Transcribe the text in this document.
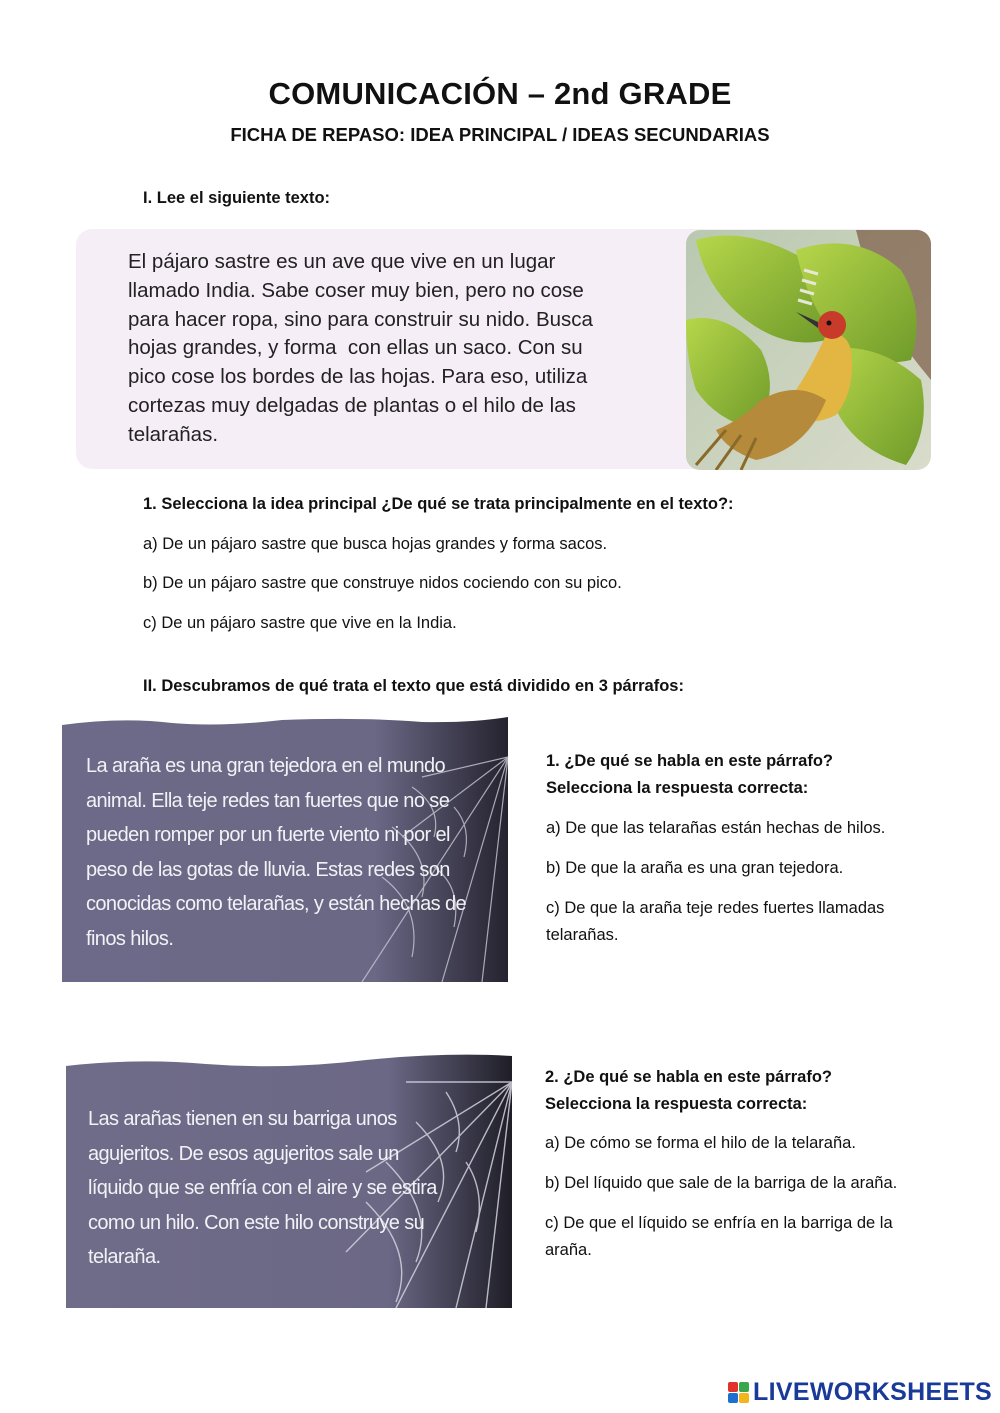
COMUNICACIÓN – 2nd GRADE
FICHA DE REPASO: IDEA PRINCIPAL / IDEAS SECUNDARIAS
I. Lee el siguiente texto:
El pájaro sastre es un ave que vive en un lugar
llamado India. Sabe coser muy bien, pero no cose
para hacer ropa, sino para construir su nido. Busca
hojas grandes, y forma  con ellas un saco. Con su
pico cose los bordes de las hojas. Para eso, utiliza
cortezas muy delgadas de plantas o el hilo de las
telarañas.
1. Selecciona la idea principal ¿De qué se trata principalmente en el texto?:
a) De un pájaro sastre que busca hojas grandes y forma sacos.
b) De un pájaro sastre que construye nidos cociendo con su pico.
c) De un pájaro sastre que vive en la India.
II. Descubramos de qué trata el texto que está dividido en 3 párrafos:
La araña es una gran tejedora en el mundo
animal. Ella teje redes tan fuertes que no se
pueden romper por un fuerte viento ni por el
peso de las gotas de lluvia. Estas redes son
conocidas como telarañas, y están hechas de
finos hilos.
1. ¿De qué se habla en este párrafo?
Selecciona la respuesta correcta:
a) De que las telarañas están hechas de hilos.
b) De que la araña es una gran tejedora.
c) De que la araña teje redes fuertes llamadas
telarañas.
Las arañas tienen en su barriga unos
agujeritos. De esos agujeritos sale un
líquido que se enfría con el aire y se estira
como un hilo. Con este hilo construye su
telaraña.
2. ¿De qué se habla en este párrafo?
Selecciona la respuesta correcta:
a) De cómo se forma el hilo de la telaraña.
b) Del líquido que sale de la barriga de la araña.
c) De que el líquido se enfría en la barriga de la
araña.
LIVEWORKSHEETS
